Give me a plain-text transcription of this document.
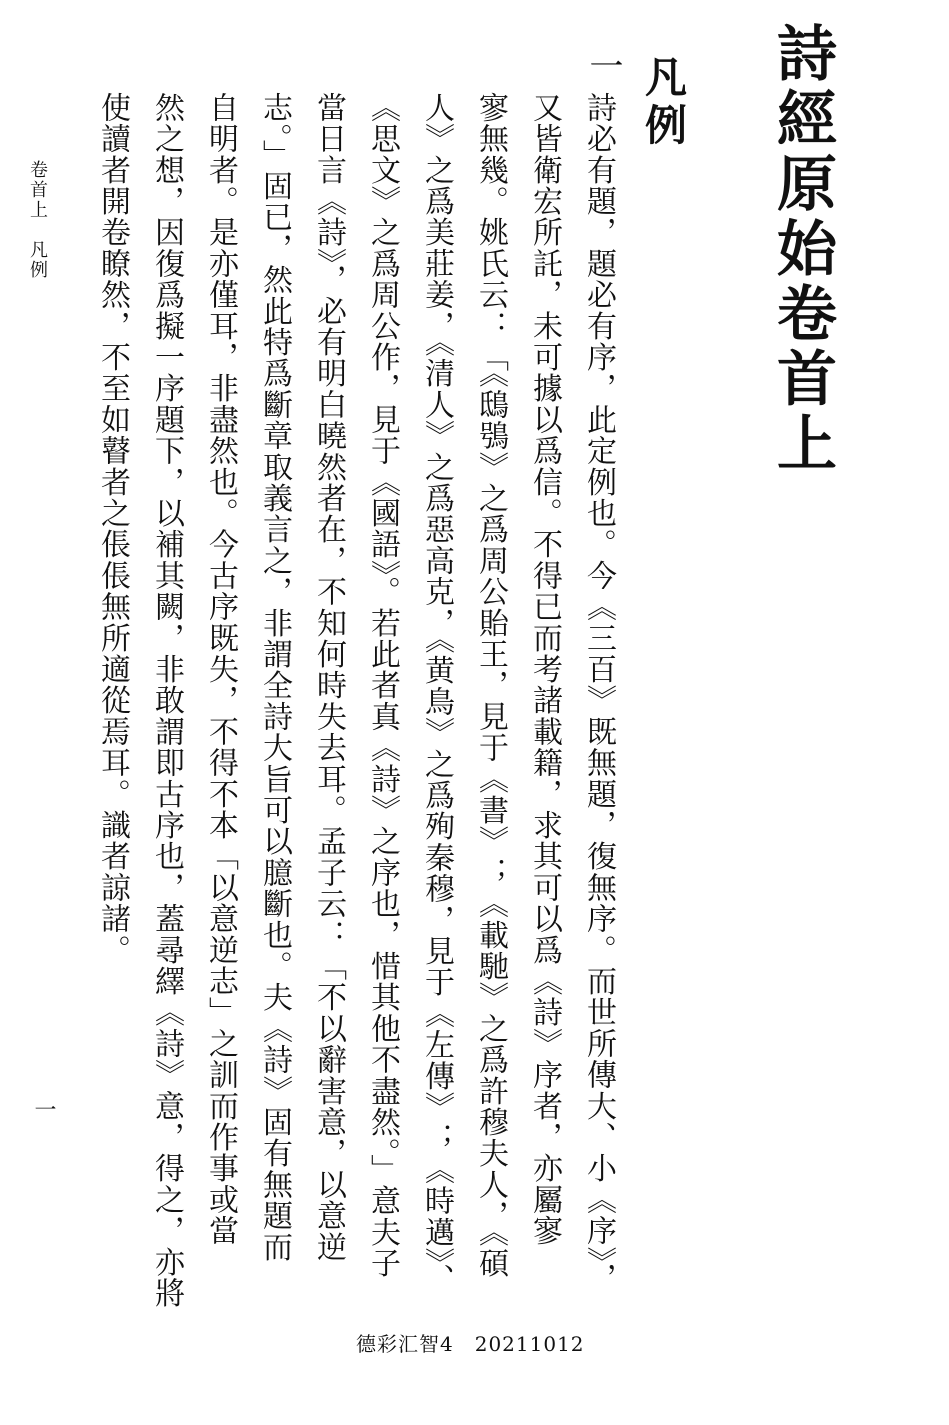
詩經原始卷首上
凡例
一
詩必有題，題必有序，此定例也。今《三百》既無題，復無序。而世所傳大、小《序》，
又皆衛宏所託，未可據以爲信。不得已而考諸載籍，求其可以爲《詩》序者，亦屬寥
寥無幾。姚氏云：「《鴟鴞》之爲周公貽王，見于《書》；《載馳》之爲許穆夫人，《碩
人》之爲美莊姜，《清人》之爲惡高克，《黄鳥》之爲殉秦穆，見于《左傳》；《時邁》、
《思文》之爲周公作，見于《國語》。若此者真《詩》之序也，惜其他不盡然。」意夫子
當日言《詩》，必有明白曉然者在，不知何時失去耳。孟子云：「不以辭害意，以意逆
志。」固已，然此特爲斷章取義言之，非謂全詩大旨可以臆斷也。夫《詩》固有無題而
自明者。是亦僅耳，非盡然也。今古序既失，不得不本「以意逆志」之訓而作事或當
然之想，因復爲擬一序題下，以補其闕，非敢謂即古序也，蓋尋繹《詩》意，得之，亦將
使讀者開卷瞭然，不至如瞽者之倀倀無所適從焉耳。識者諒諸。
卷首上　凡例
一
德彩汇智4　20211012
